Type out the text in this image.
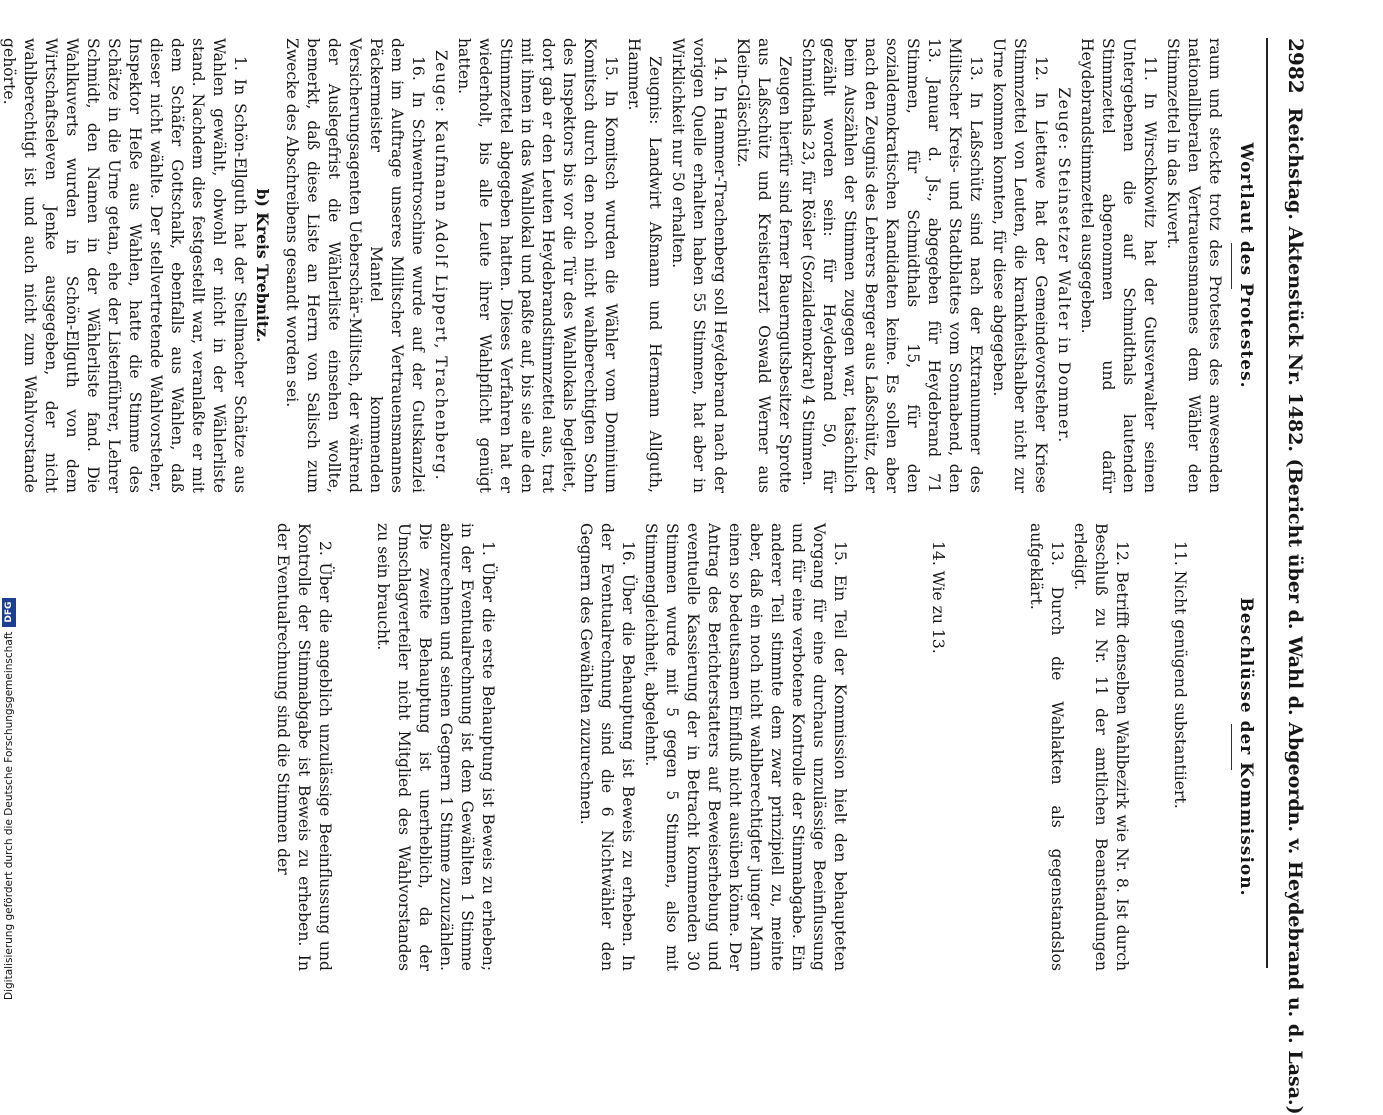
2982
Reichstag. Aktenstück Nr. 1482. (Bericht über d. Wahl d. Abgeordn. v. Heydebrand u. d. Lasa.)
Wortlaut des Protestes.

raum und steckte trotz des Protestes des anwesenden nationalliberalen Vertrauensmannes dem Wähler den Stimmzettel in das Kuvert.

11. In Wirschkowitz hat der Gutsverwalter seinen Untergebenen die auf Schmidthals lautenden Stimmzettel abgenommen und dafür Heydebrandstimmzettel ausgegeben.

Zeuge: Steinsetzer Walter in Dommer.

12. In Liettawe hat der Gemeindevorsteher Kriese Stimmzettel von Leuten, die krankheitshalber nicht zur Urne kommen konnten, für diese abgegeben.

13. In Laßschütz sind nach der Extranummer des Militscher Kreis- und Stadtblattes vom Sonnabend, den 13. Januar d. Js., abgegeben für Heydebrand 71 Stimmen, für Schmidthals 15, für den sozialdemokratischen Kandidaten keine. Es sollen aber nach den Zeugnis des Lehrers Berger aus Laßschütz, der beim Auszählen der Stimmen zugegen war, tatsächlich gezählt worden sein: für Heydebrand 50, für Schmidthals 23, für Rösler (Sozialdemokrat) 4 Stimmen.

Zeugen hierfür sind ferner Bauerngutsbesitzer Sprotte aus Laßschütz und Kreistierarzt Oswald Werner aus Klein-Gläschütz.

14. In Hammer-Trachenberg soll Heydebrand nach der vorigen Quelle erhalten haben 55 Stimmen, hat aber in Wirklichkeit nur 50 erhalten.

Zeugnis: Landwirt Aßmann und Hermann Allguth, Hammer.

15. In Komitsch wurden die Wähler vom Dominium Komitsch durch den noch nicht wahlberechtigten Sohn des Inspektors bis vor die Tür des Wahllokals begleitet, dort gab er den Leuten Heydebrandstimmzettel aus, trat mit ihnen in das Wahllokal und paßte auf, bis sie alle den Stimmzettel abgegeben hatten. Dieses Verfahren hat er wiederholt, bis alle Leute ihrer Wahlpflicht genügt hatten.

Zeuge: Kaufmann Adolf Lippert, Trachenberg.

16. In Schwentroschine wurde auf der Gutskanzlei dem im Auftrage unseres Militscher Vertrauensmannes Päckermeister Mantel kommenden Versicherungsagenten Ueberschär-Militsch, der während der Auslegefrist die Wählerliste einsehen wollte, bemerkt, daß diese Liste an Herrn von Salisch zum Zwecke des Abschreibens gesandt worden sei.

b) Kreis Trebnitz.

1. In Schön-Ellguth hat der Stellmacher Schätze aus Wahlen gewählt, obwohl er nicht in der Wählerliste stand. Nachdem dies festgestellt war, veranlaßte er mit dem Schäfer Gottschalk, ebenfalls aus Wahlen, daß dieser nicht wählte. Der stellvertretende Wahlvorsteher, Inspektor Heße aus Wahlen, hatte die Stimme des Schätze in die Urne getan, ehe der Listenführer, Lehrer Schmidt, den Namen in der Wählerliste fand. Die Wahlkuverts wurden in Schön-Ellguth von dem Wirtschaftseleven Jenke ausgegeben, der nicht wahlberechtigt ist und auch nicht zum Wahlvorstande gehörte.

Beschlüsse der Kommission.

11. Nicht genügend substantiiert.

12. Betrifft denselben Wahlbezirk wie Nr. 8. Ist durch Beschluß zu Nr. 11 der amtlichen Beanstandungen erledigt.

13. Durch die Wahlakten als gegenstandslos aufgeklärt.

14. Wie zu 13.

15. Ein Teil der Kommission hielt den behaupteten Vorgang für eine durchaus unzulässige Beeinflussung und für eine verbotene Kontrolle der Stimmabgabe. Ein anderer Teil stimmte dem zwar prinzipiell zu, meinte aber, daß ein noch nicht wahlberechtigter junger Mann einen so bedeutsamen Einfluß nicht ausüben könne. Der Antrag des Berichterstatters auf Beweiserhebung und eventuelle Kassierung der in Betracht kommenden 30 Stimmen wurde mit 5 gegen 5 Stimmen, also mit Stimmengleichheit, abgelehnt.

16. Über die Behauptung ist Beweis zu erheben. In der Eventualrechnung sind die 6 Nichtwähler den Gegnern des Gewählten zuzurechnen.

1. Über die erste Behauptung ist Beweis zu erheben; in der Eventualrechnung ist dem Gewählten 1 Stimme abzurechnen und seinen Gegnern 1 Stimme zuzuzählen. Die zweite Behauptung ist unerheblich, da der Umschlagverteiler nicht Mitglied des Wahlvorstandes zu sein braucht.

2. Über die angeblich unzulässige Beeinflussung und Kontrolle der Stimmabgabe ist Beweis zu erheben. In der Eventualrechnung sind die Stimmen der

Digitalisierung gefördert durch die Deutsche Forschungsgemeinschaft
DFG
